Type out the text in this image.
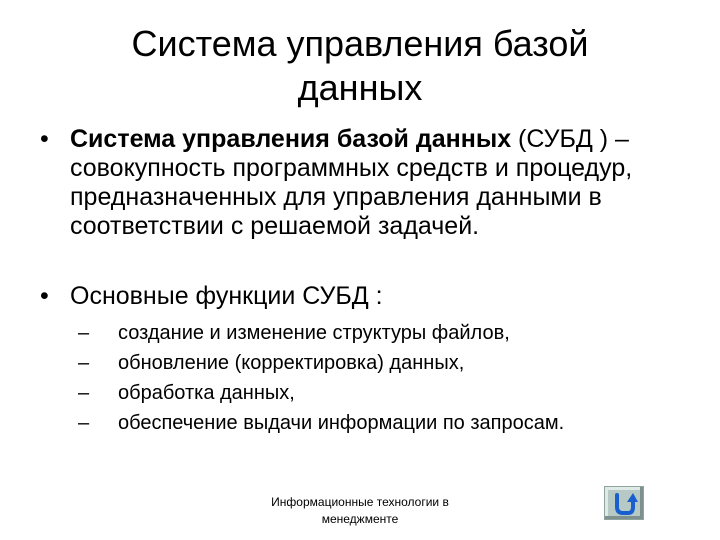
Система управления базой
данных
• Система управления базой данных (СУБД ) – совокупность программных средств и процедур, предназначенных для управления данными в соответствии с решаемой задачей.
• Основные функции СУБД :
– создание и изменение структуры файлов,
– обновление (корректировка) данных,
– обработка данных,
– обеспечение выдачи информации по запросам.
Информационные технологии в
менеджменте
